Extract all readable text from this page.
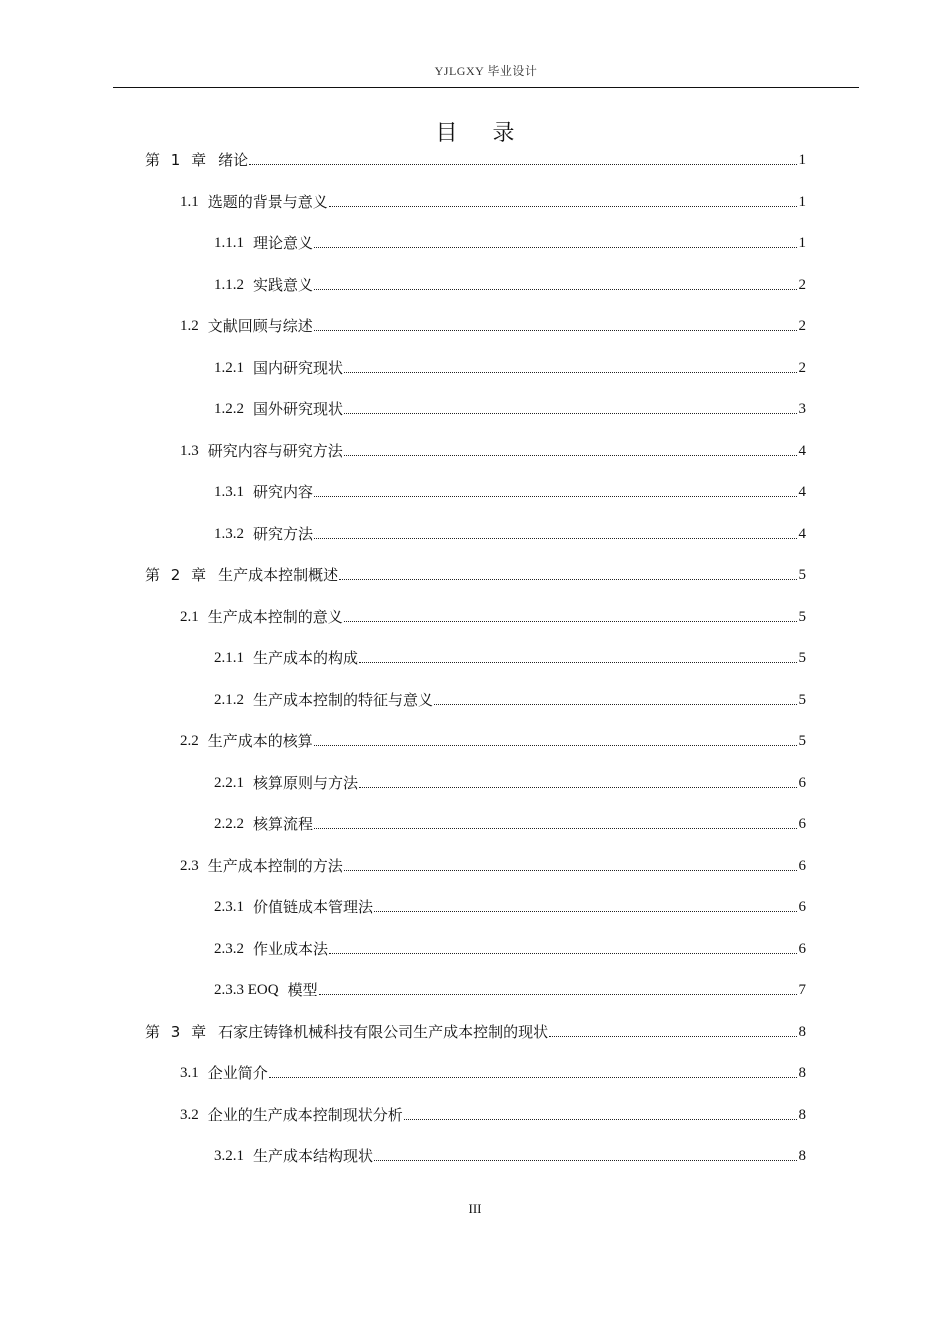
YJLGXY 毕业设计
目 录
第 1 章 绪论	1
1.1 选题的背景与意义	1
1.1.1 理论意义	1
1.1.2 实践意义	2
1.2 文献回顾与综述	2
1.2.1 国内研究现状	2
1.2.2 国外研究现状	3
1.3 研究内容与研究方法	4
1.3.1 研究内容	4
1.3.2 研究方法	4
第 2 章 生产成本控制概述	5
2.1 生产成本控制的意义	5
2.1.1 生产成本的构成	5
2.1.2 生产成本控制的特征与意义	5
2.2 生产成本的核算	5
2.2.1 核算原则与方法	6
2.2.2 核算流程	6
2.3 生产成本控制的方法	6
2.3.1 价值链成本管理法	6
2.3.2 作业成本法	6
2.3.3 EOQ 模型	7
第 3 章 石家庄铸锋机械科技有限公司生产成本控制的现状	8
3.1 企业简介	8
3.2 企业的生产成本控制现状分析	8
3.2.1 生产成本结构现状	8
III
